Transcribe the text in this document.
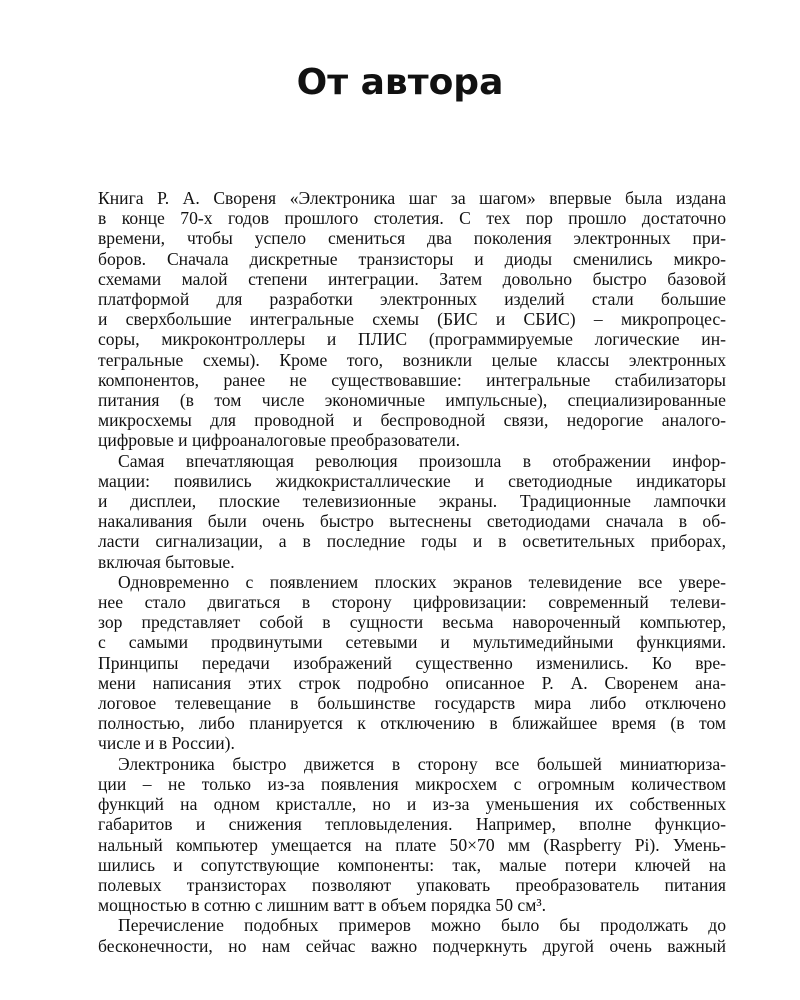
От автора

Книга Р. А. Свореня «Электроника шаг за шагом» впервые была издана
в конце 70-х годов прошлого столетия. С тех пор прошло достаточно
времени, чтобы успело смениться два поколения электронных при-
боров. Сначала дискретные транзисторы и диоды сменились микро-
схемами малой степени интеграции. Затем довольно быстро базовой
платформой для разработки электронных изделий стали большие
и сверхбольшие интегральные схемы (БИС и СБИС) – микропроцес-
соры, микроконтроллеры и ПЛИС (программируемые логические ин-
тегральные схемы). Кроме того, возникли целые классы электронных
компонентов, ранее не существовавшие: интегральные стабилизаторы
питания (в том числе экономичные импульсные), специализированные
микросхемы для проводной и беспроводной связи, недорогие аналого-
цифровые и цифроаналоговые преобразователи.

Самая впечатляющая революция произошла в отображении инфор-
мации: появились жидкокристаллические и светодиодные индикаторы
и дисплеи, плоские телевизионные экраны. Традиционные лампочки
накаливания были очень быстро вытеснены светодиодами сначала в об-
ласти сигнализации, а в последние годы и в осветительных приборах,
включая бытовые.

Одновременно с появлением плоских экранов телевидение все увере-
нее стало двигаться в сторону цифровизации: современный телеви-
зор представляет собой в сущности весьма навороченный компьютер,
с самыми продвинутыми сетевыми и мультимедийными функциями.
Принципы передачи изображений существенно изменились. Ко вре-
мени написания этих строк подробно описанное Р. А. Своренем ана-
логовое телевещание в большинстве государств мира либо отключено
полностью, либо планируется к отключению в ближайшее время (в том
числе и в России).

Электроника быстро движется в сторону все большей миниатюриза-
ции – не только из-за появления микросхем с огромным количеством
функций на одном кристалле, но и из-за уменьшения их собственных
габаритов и снижения тепловыделения. Например, вполне функцио-
нальный компьютер умещается на плате 50×70 мм (Raspberry Pi). Умень-
шились и сопутствующие компоненты: так, малые потери ключей на
полевых транзисторах позволяют упаковать преобразователь питания
мощностью в сотню с лишним ватт в объем порядка 50 см³.

Перечисление подобных примеров можно было бы продолжать до
бесконечности, но нам сейчас важно подчеркнуть другой очень важный
